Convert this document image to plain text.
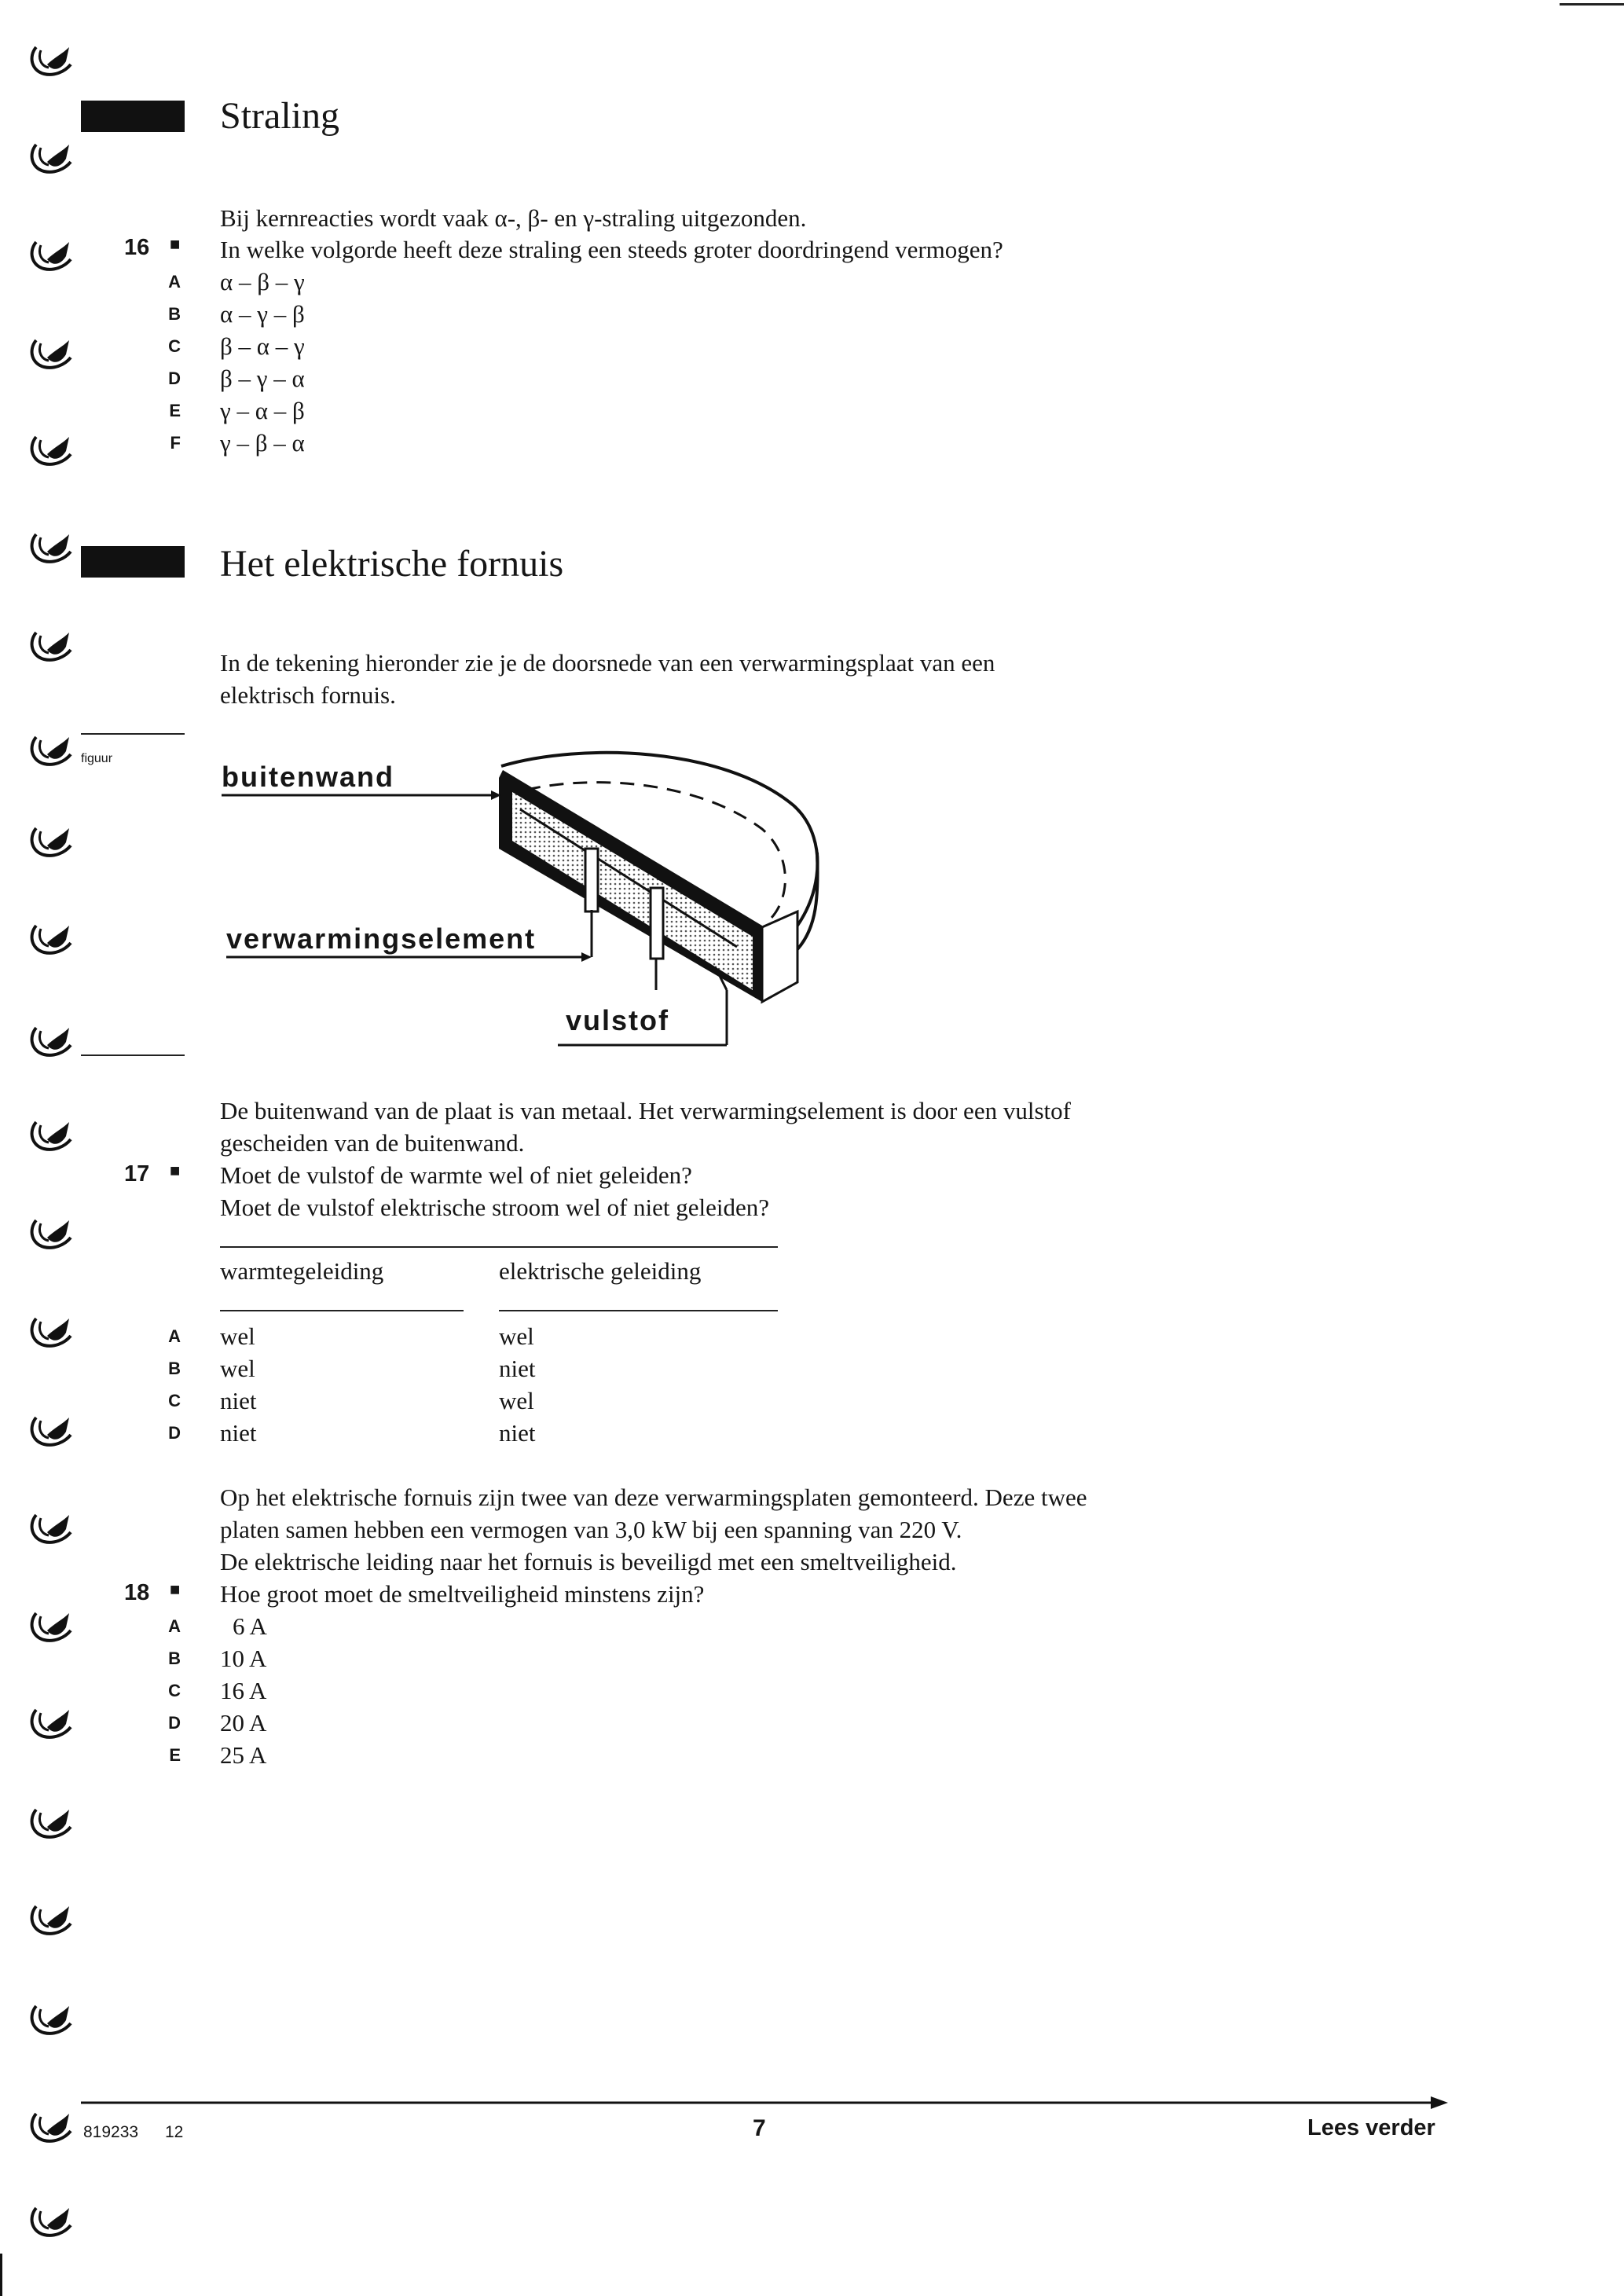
Straling
Bij kernreacties wordt vaak α-, β- en γ-straling uitgezonden.
16 ■ In welke volgorde heeft deze straling een steeds groter doordringend vermogen?
A α – β – γ
B α – γ – β
C β – α – γ
D β – γ – α
E γ – α – β
F γ – β – α
Het elektrische fornuis
In de tekening hieronder zie je de doorsnede van een verwarmingsplaat van een
elektrisch fornuis.
figuur
buitenwand
verwarmingselement
vulstof
De buitenwand van de plaat is van metaal. Het verwarmingselement is door een vulstof
gescheiden van de buitenwand.
17 ■ Moet de vulstof de warmte wel of niet geleiden?
Moet de vulstof elektrische stroom wel of niet geleiden?
warmtegeleiding	elektrische geleiding
A wel	wel
B wel	niet
C niet	wel
D niet	niet
Op het elektrische fornuis zijn twee van deze verwarmingsplaten gemonteerd. Deze twee
platen samen hebben een vermogen van 3,0 kW bij een spanning van 220 V.
De elektrische leiding naar het fornuis is beveiligd met een smeltveiligheid.
18 ■ Hoe groot moet de smeltveiligheid minstens zijn?
A 6 A
B 10 A
C 16 A
D 20 A
E 25 A
819233 12	7	Lees verder
